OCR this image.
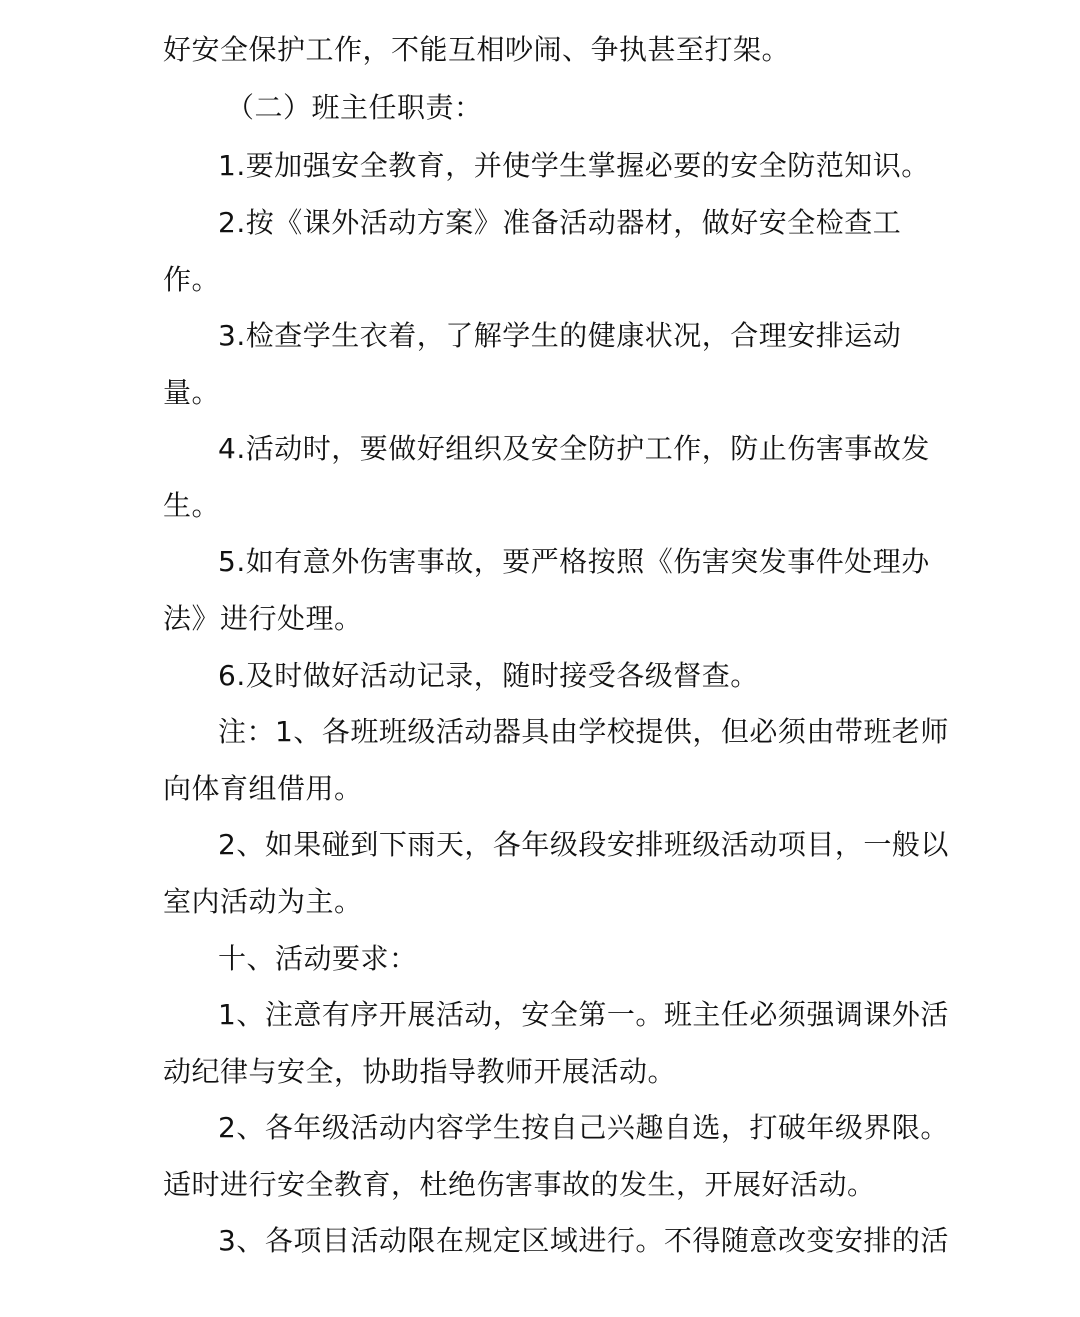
好安全保护工作，不能互相吵闹、争执甚至打架。
（二）班主任职责：
1.要加强安全教育，并使学生掌握必要的安全防范知识。
2.按《课外活动方案》准备活动器材，做好安全检查工
作。
3.检查学生衣着，了解学生的健康状况，合理安排运动
量。
4.活动时，要做好组织及安全防护工作，防止伤害事故发
生。
5.如有意外伤害事故，要严格按照《伤害突发事件处理办
法》进行处理。
6.及时做好活动记录，随时接受各级督查。
注：1、各班班级活动器具由学校提供，但必须由带班老师
向体育组借用。
2、如果碰到下雨天，各年级段安排班级活动项目，一般以
室内活动为主。
十、活动要求：
1、注意有序开展活动，安全第一。班主任必须强调课外活
动纪律与安全，协助指导教师开展活动。
2、各年级活动内容学生按自己兴趣自选，打破年级界限。
适时进行安全教育，杜绝伤害事故的发生，开展好活动。
3、各项目活动限在规定区域进行。不得随意改变安排的活
